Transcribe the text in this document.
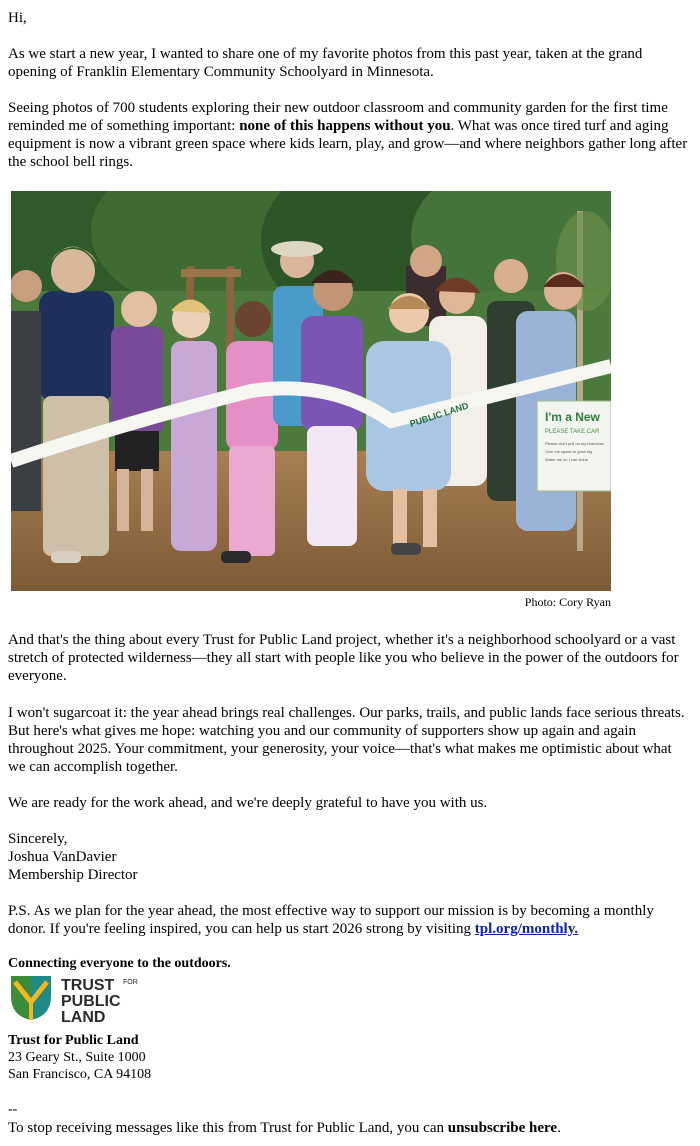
Hi,

As we start a new year, I wanted to share one of my favorite photos from this past year, taken at the grand opening of Franklin Elementary Community Schoolyard in Minnesota.

Seeing photos of 700 students exploring their new outdoor classroom and community garden for the first time reminded me of something important: none of this happens without you. What was once tired turf and aging equipment is now a vibrant green space where kids learn, play, and grow—and where neighbors gather long after the school bell rings.

PUBLIC LAND	I'm a New
PLEASE TAKE CAR
Please don't pull on my branches
Give me space to grow big
Water me so I can shine
Photo: Cory Ryan

And that's the thing about every Trust for Public Land project, whether it's a neighborhood schoolyard or a vast stretch of protected wilderness—they all start with people like you who believe in the power of the outdoors for everyone.

I won't sugarcoat it: the year ahead brings real challenges. Our parks, trails, and public lands face serious threats. But here's what gives me hope: watching you and our community of supporters show up again and again throughout 2025. Your commitment, your generosity, your voice—that's what makes me optimistic about what we can accomplish together.

We are ready for the work ahead, and we're deeply grateful to have you with us.

Sincerely,
Joshua VanDavier
Membership Director

P.S. As we plan for the year ahead, the most effective way to support our mission is by becoming a monthly donor. If you're feeling inspired, you can help us start 2026 strong by visiting tpl.org/monthly.

Connecting everyone to the outdoors.

TRUST FOR
PUBLIC
LAND

Trust for Public Land
23 Geary St., Suite 1000
San Francisco, CA 94108

--

To stop receiving messages like this from Trust for Public Land, you can unsubscribe here.
